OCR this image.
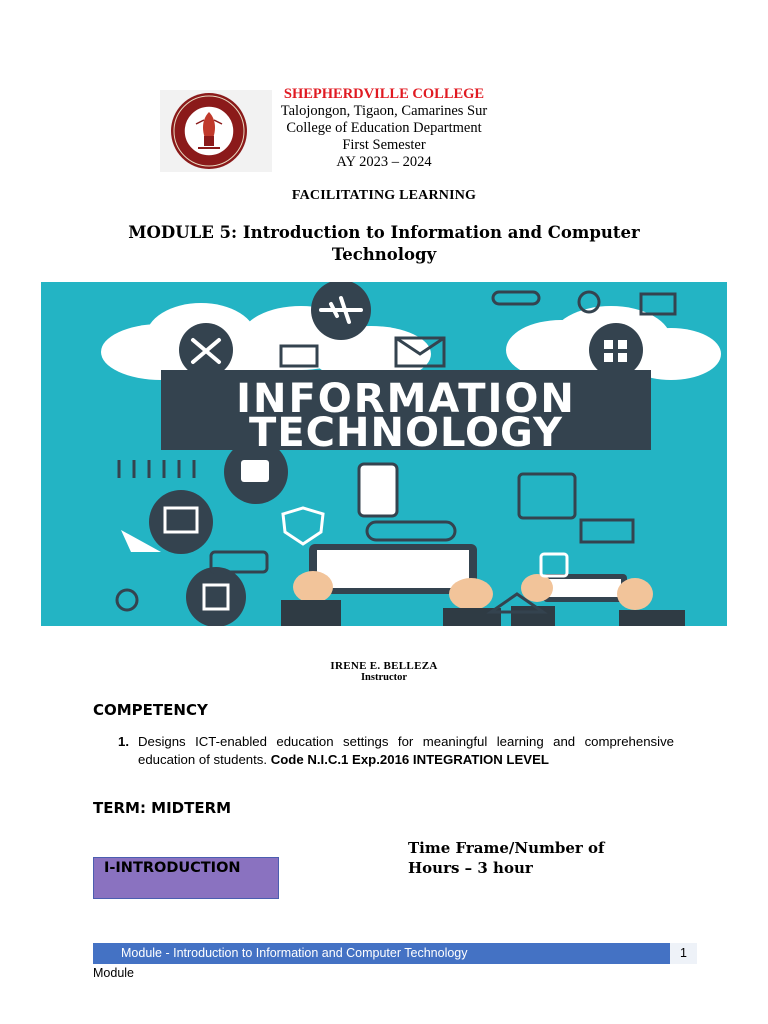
SHEPHERDVILLE COLLEGE
Talojongon, Tigaon, Camarines Sur
College of Education Department
First Semester
AY 2023 – 2024
FACILITATING LEARNING
MODULE 5: Introduction to Information and Computer Technology
INFORMATION
TECHNOLOGY
IRENE E. BELLEZA
Instructor
COMPETENCY
1. Designs ICT-enabled education settings for meaningful learning and comprehensive education of students. Code N.I.C.1 Exp.2016 INTEGRATION LEVEL
TERM: MIDTERM
I-INTRODUCTION
Time Frame/Number of
Hours – 3 hour
Module - Introduction to Information and Computer Technology	1
Module
